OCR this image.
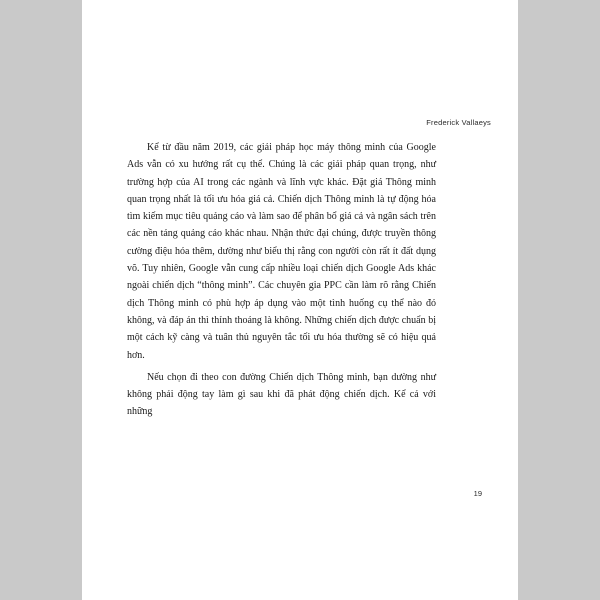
Frederick Vallaeys

Kể từ đầu năm 2019, các giải pháp học máy thông minh của Google Ads vẫn có xu hướng rất cụ thể. Chúng là các giải pháp quan trọng, như trường hợp của AI trong các ngành và lĩnh vực khác. Đặt giá Thông minh quan trọng nhất là tối ưu hóa giá cả. Chiến dịch Thông minh là tự động hóa tìm kiếm mục tiêu quảng cáo và làm sao để phân bổ giá cả và ngân sách trên các nền tảng quảng cáo khác nhau. Nhận thức đại chúng, được truyền thông cường điệu hóa thêm, dường như biểu thị rằng con người còn rất ít đất dụng võ. Tuy nhiên, Google vẫn cung cấp nhiều loại chiến dịch Google Ads khác ngoài chiến dịch “thông minh”. Các chuyên gia PPC cần làm rõ rằng Chiến dịch Thông minh có phù hợp áp dụng vào một tình huống cụ thể nào đó không, và đáp án thì thỉnh thoảng là không. Những chiến dịch được chuẩn bị một cách kỹ càng và tuân thủ nguyên tắc tối ưu hóa thường sẽ có hiệu quả hơn.

Nếu chọn đi theo con đường Chiến dịch Thông minh, bạn dường như không phải động tay làm gì sau khi đã phát động chiến dịch. Kể cả với những

19
